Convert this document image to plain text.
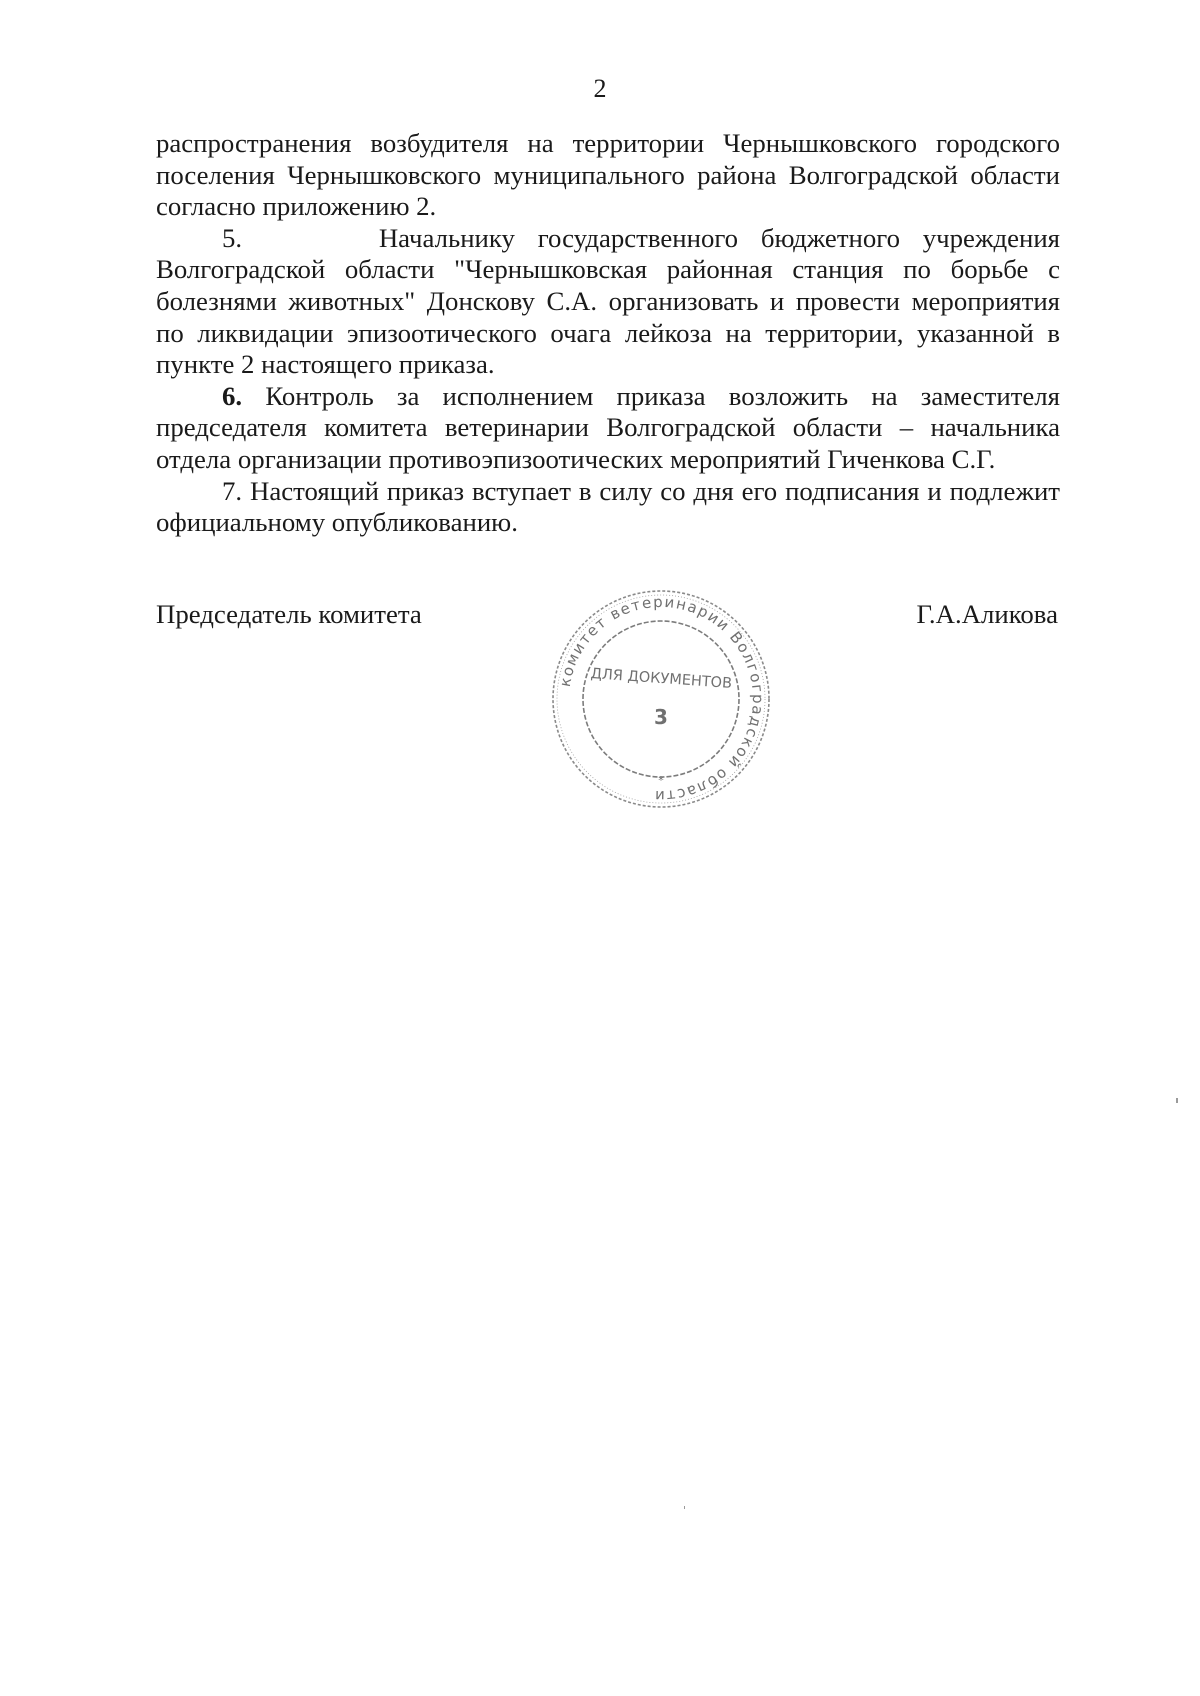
2

распространения возбудителя на территории Чернышковского городского поселения Чернышковского муниципального района Волгоградской области согласно приложению 2.

5.	Начальнику государственного бюджетного учреждения Волгоградской области "Чернышковская районная станция по борьбе с болезнями животных" Донскову С.А. организовать и провести мероприятия по ликвидации эпизоотического очага лейкоза на территории, указанной в пункте 2 настоящего приказа.

6. Контроль за исполнением приказа возложить на заместителя председателя комитета ветеринарии Волгоградской области – начальника отдела организации противоэпизоотических мероприятий Гиченкова С.Г.

7. Настоящий приказ вступает в силу со дня его подписания и подлежит официальному опубликованию.

Председатель комитета
комитет ветеринарии Волгоградской области
ДЛЯ ДОКУМЕНТОВ
3
*
Г.А.Аликова
